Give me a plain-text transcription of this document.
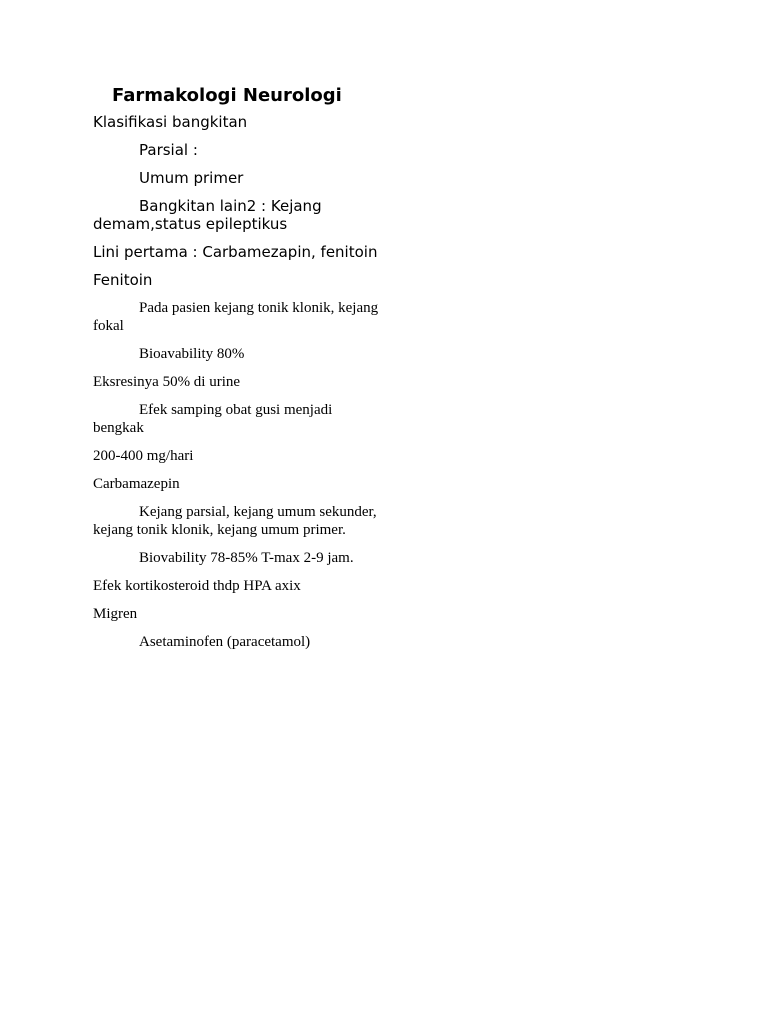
Farmakologi Neurologi

Klasifikasi bangkitan

Parsial :

Umum primer

Bangkitan lain2 : Kejang demam,status epileptikus

Lini pertama : Carbamezapin, fenitoin

Fenitoin

Pada pasien kejang tonik klonik, kejang fokal

Bioavability 80%

Eksresinya 50% di urine

Efek samping obat gusi menjadi bengkak

200-400 mg/hari

Carbamazepin

Kejang parsial, kejang umum sekunder, kejang tonik klonik, kejang umum primer.

Biovability 78-85% T-max 2-9 jam.

Efek kortikosteroid thdp HPA axix

Migren

Asetaminofen (paracetamol)
